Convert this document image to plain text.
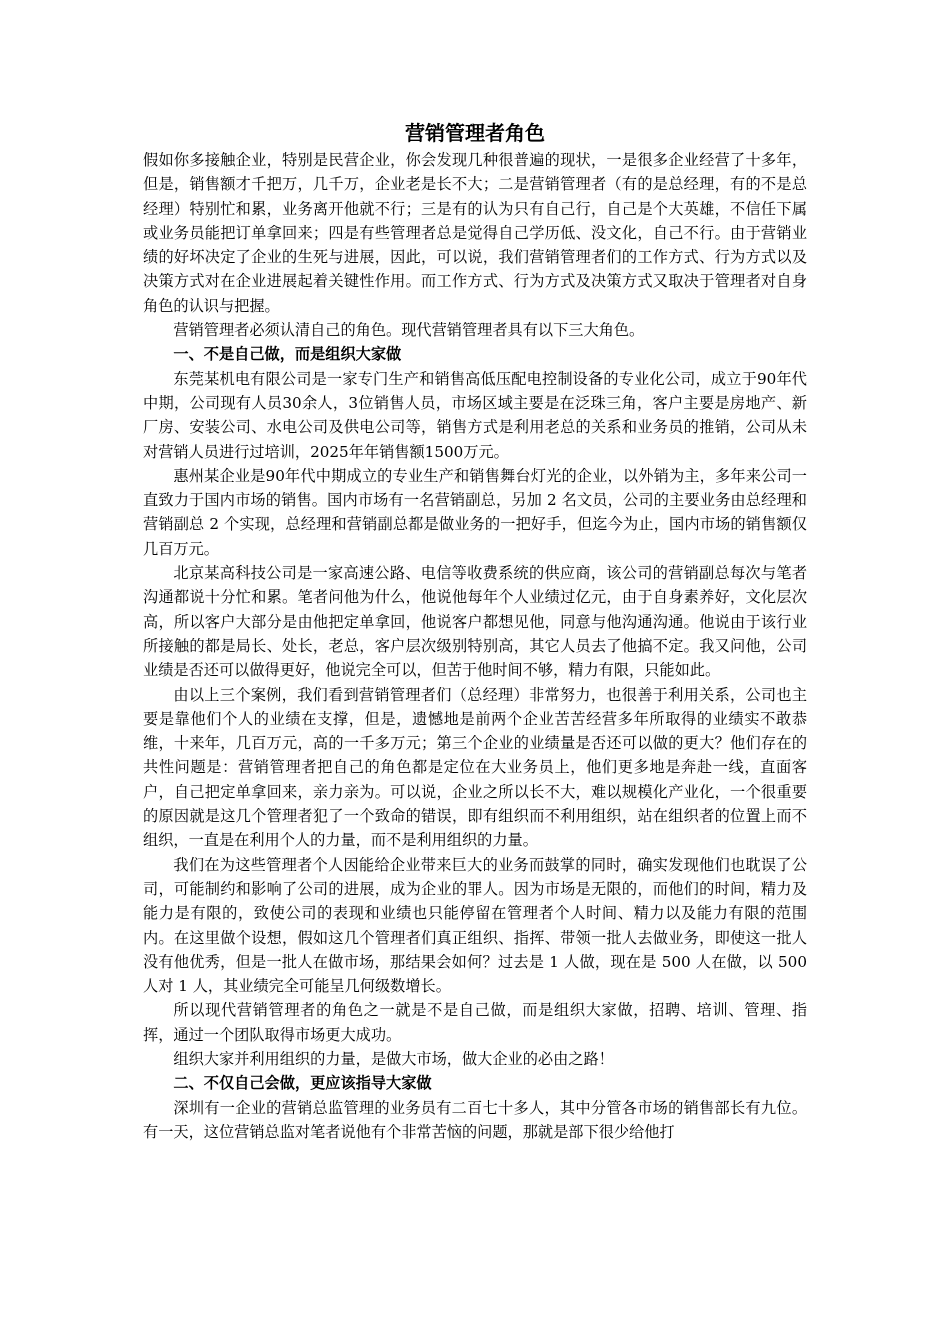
营销管理者角色

假如你多接触企业，特别是民营企业，你会发现几种很普遍的现状，一是很多企业经营了十多年，但是，销售额才千把万，几千万，企业老是长不大；二是营销管理者（有的是总经理，有的不是总经理）特别忙和累，业务离开他就不行；三是有的认为只有自己行，自己是个大英雄，不信任下属或业务员能把订单拿回来；四是有些管理者总是觉得自己学历低、没文化，自己不行。由于营销业绩的好坏决定了企业的生死与进展，因此，可以说，我们营销管理者们的工作方式、行为方式以及决策方式对在企业进展起着关键性作用。而工作方式、行为方式及决策方式又取决于管理者对自身角色的认识与把握。

营销管理者必须认清自己的角色。现代营销管理者具有以下三大角色。

一、不是自己做，而是组织大家做

东莞某机电有限公司是一家专门生产和销售高低压配电控制设备的专业化公司，成立于90年代中期，公司现有人员30余人，3位销售人员，市场区域主要是在泛珠三角，客户主要是房地产、新厂房、安装公司、水电公司及供电公司等，销售方式是利用老总的关系和业务员的推销，公司从未对营销人员进行过培训，2025年年销售额1500万元。

惠州某企业是90年代中期成立的专业生产和销售舞台灯光的企业，以外销为主，多年来公司一直致力于国内市场的销售。国内市场有一名营销副总，另加 2 名文员，公司的主要业务由总经理和营销副总 2 个实现，总经理和营销副总都是做业务的一把好手，但迄今为止，国内市场的销售额仅几百万元。

北京某高科技公司是一家高速公路、电信等收费系统的供应商，该公司的营销副总每次与笔者沟通都说十分忙和累。笔者问他为什么，他说他每年个人业绩过亿元，由于自身素养好，文化层次高，所以客户大部分是由他把定单拿回，他说客户都想见他，同意与他沟通沟通。他说由于该行业所接触的都是局长、处长，老总，客户层次级别特别高，其它人员去了他搞不定。我又问他，公司业绩是否还可以做得更好，他说完全可以，但苦于他时间不够，精力有限，只能如此。

由以上三个案例，我们看到营销管理者们（总经理）非常努力，也很善于利用关系，公司也主要是靠他们个人的业绩在支撑，但是，遗憾地是前两个企业苦苦经营多年所取得的业绩实不敢恭维，十来年，几百万元，高的一千多万元；第三个企业的业绩量是否还可以做的更大？他们存在的共性问题是：营销管理者把自己的角色都是定位在大业务员上，他们更多地是奔赴一线，直面客户，自己把定单拿回来，亲力亲为。可以说，企业之所以长不大，难以规模化产业化，一个很重要的原因就是这几个管理者犯了一个致命的错误，即有组织而不利用组织，站在组织者的位置上而不组织，一直是在利用个人的力量，而不是利用组织的力量。

我们在为这些管理者个人因能给企业带来巨大的业务而鼓掌的同时，确实发现他们也耽误了公司，可能制约和影响了公司的进展，成为企业的罪人。因为市场是无限的，而他们的时间，精力及能力是有限的，致使公司的表现和业绩也只能停留在管理者个人时间、精力以及能力有限的范围内。在这里做个设想，假如这几个管理者们真正组织、指挥、带领一批人去做业务，即使这一批人没有他优秀，但是一批人在做市场，那结果会如何？过去是 1 人做，现在是 500 人在做，以 500 人对 1 人，其业绩完全可能呈几何级数增长。

所以现代营销管理者的角色之一就是不是自己做，而是组织大家做，招聘、培训、管理、指挥，通过一个团队取得市场更大成功。

组织大家并利用组织的力量，是做大市场，做大企业的必由之路！

二、不仅自己会做，更应该指导大家做

深圳有一企业的营销总监管理的业务员有二百七十多人，其中分管各市场的销售部长有九位。有一天，这位营销总监对笔者说他有个非常苦恼的问题，那就是部下很少给他打
